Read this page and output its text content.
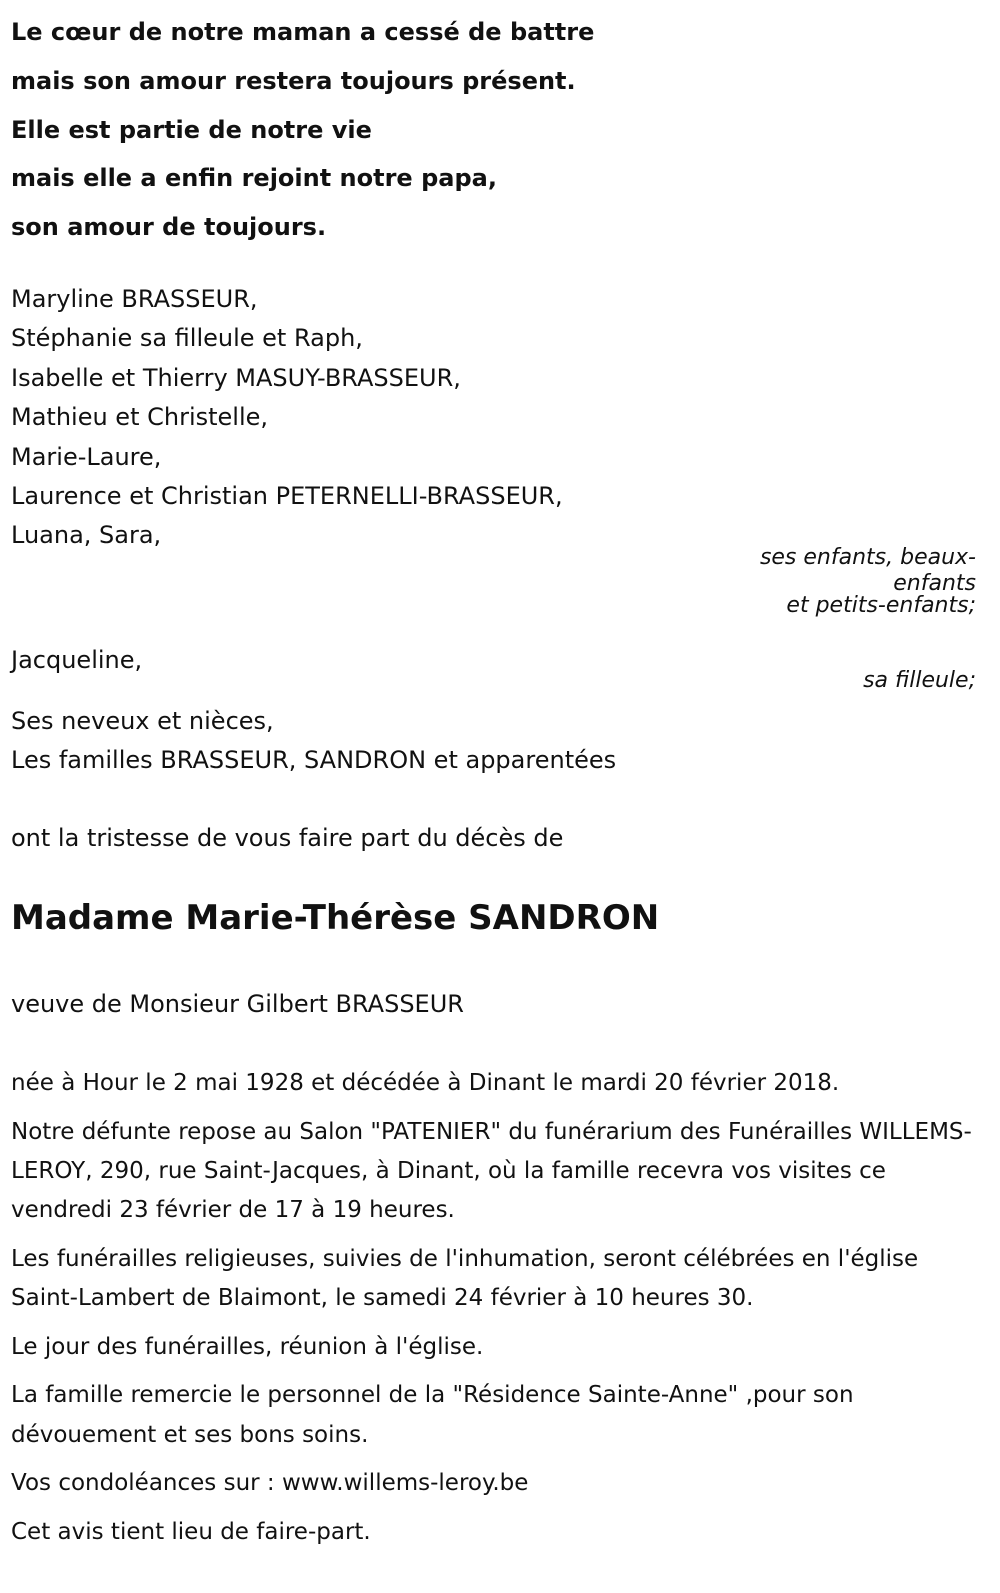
Le cœur de notre maman a cessé de battre
mais son amour restera toujours présent.
Elle est partie de notre vie
mais elle a enfin rejoint notre papa,
son amour de toujours.
Maryline BRASSEUR,
Stéphanie sa filleule et Raph,
Isabelle et Thierry MASUY-BRASSEUR,
Mathieu et Christelle,
Marie-Laure,
Laurence et Christian PETERNELLI-BRASSEUR,
Luana, Sara,
ses enfants, beaux-
enfants
et petits-enfants;
Jacqueline,
sa filleule;
Ses neveux et nièces,
Les familles BRASSEUR, SANDRON et apparentées
ont la tristesse de vous faire part du décès de
Madame Marie-Thérèse SANDRON
veuve de Monsieur Gilbert BRASSEUR

née à Hour le 2 mai 1928 et décédée à Dinant le mardi 20 février 2018.

Notre défunte repose au Salon "PATENIER" du funérarium des Funérailles WILLEMS-LEROY, 290, rue Saint-Jacques, à Dinant, où la famille recevra vos visites ce vendredi 23 février de 17 à 19 heures.

Les funérailles religieuses, suivies de l'inhumation, seront célébrées en l'église Saint-Lambert de Blaimont, le samedi 24 février à 10 heures 30.

Le jour des funérailles, réunion à l'église.

La famille remercie le personnel de la "Résidence Sainte-Anne" ,pour son dévouement et ses bons soins.

Vos condoléances sur : www.willems-leroy.be

Cet avis tient lieu de faire-part.
